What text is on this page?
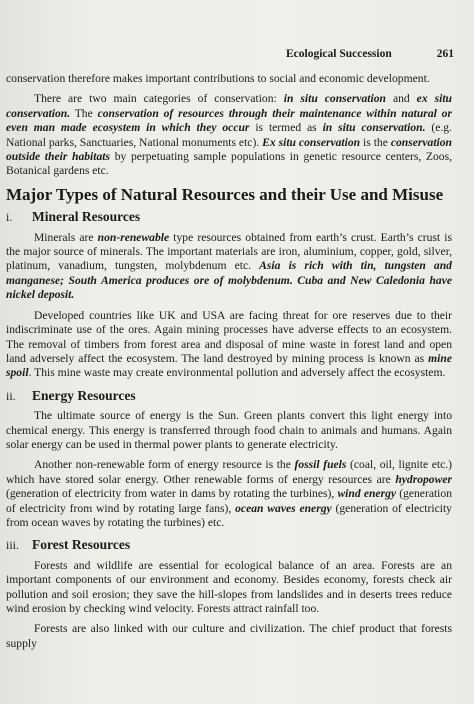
Ecological Succession	261

conservation therefore makes important contributions to social and economic development.

There are two main categories of conservation: in situ conservation and ex situ conservation. The conservation of resources through their maintenance within natural or even man made ecosystem in which they occur is termed as in situ conservation. (e.g. National parks, Sanctuaries, National monuments etc). Ex situ conservation is the conservation outside their habitats by perpetuating sample populations in genetic resource centers, Zoos, Botanical gardens etc.

Major Types of Natural Resources and their Use and Misuse
i. Mineral Resources

Minerals are non-renewable type resources obtained from earth’s crust. Earth’s crust is the major source of minerals. The important materials are iron, aluminium, copper, gold, silver, platinum, vanadium, tungsten, molybdenum etc. Asia is rich with tin, tungsten and manganese; South America produces ore of molybdenum. Cuba and New Caledonia have nickel deposit.

Developed countries like UK and USA are facing threat for ore reserves due to their indiscriminate use of the ores. Again mining processes have adverse effects to an ecosystem. The removal of timbers from forest area and disposal of mine waste in forest land and open land adversely affect the ecosystem. The land destroyed by mining process is known as mine spoil. This mine waste may create environmental pollution and adversely affect the ecosystem.

ii. Energy Resources

The ultimate source of energy is the Sun. Green plants convert this light energy into chemical energy. This energy is transferred through food chain to animals and humans. Again solar energy can be used in thermal power plants to generate electricity.

Another non-renewable form of energy resource is the fossil fuels (coal, oil, lignite etc.) which have stored solar energy. Other renewable forms of energy resources are hydropower (generation of electricity from water in dams by rotating the turbines), wind energy (generation of electricity from wind by rotating large fans), ocean waves energy (generation of electricity from ocean waves by rotating the turbines) etc.

iii. Forest Resources

Forests and wildlife are essential for ecological balance of an area. Forests are an important components of our environment and economy. Besides economy, forests check air pollution and soil erosion; they save the hill-slopes from landslides and in deserts trees reduce wind erosion by checking wind velocity. Forests attract rainfall too.

Forests are also linked with our culture and civilization. The chief product that forests supply
